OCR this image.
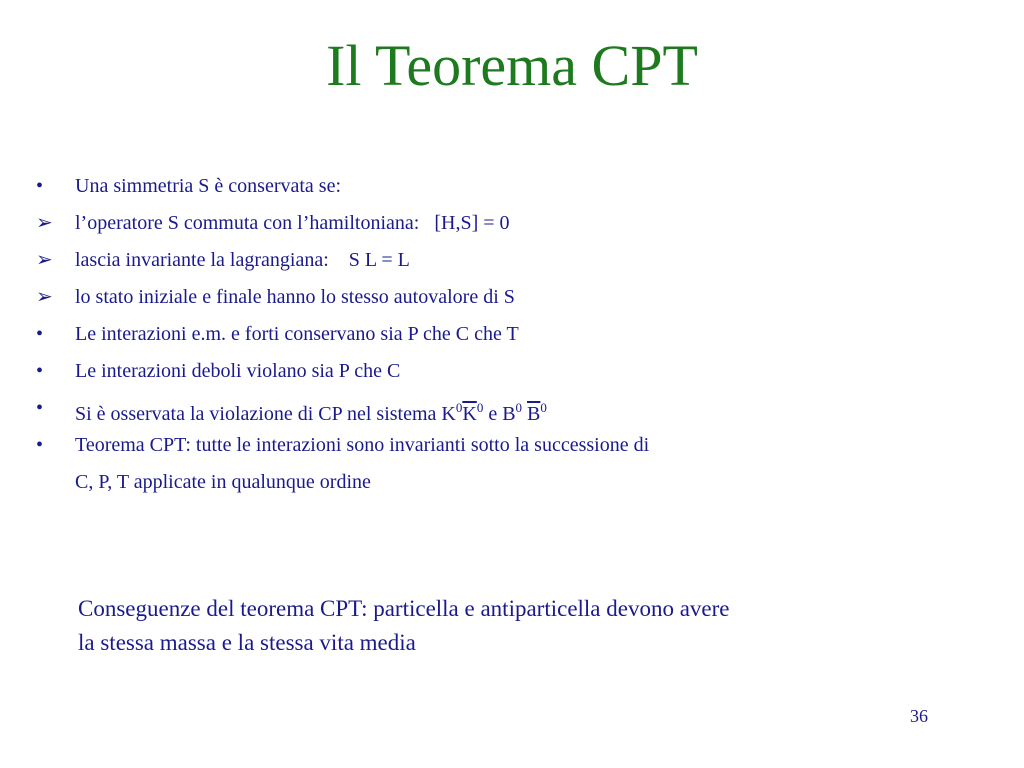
Il Teorema CPT
•	Una simmetria S è conservata se:
➢	l’operatore S commuta con l’hamiltoniana:   [H,S] = 0
➢	lascia invariante la lagrangiana:    S L = L
➢	lo stato iniziale e finale hanno lo stesso autovalore di S
•	Le interazioni e.m. e forti conservano sia P che C che T
•	Le interazioni deboli violano sia P che C
•	Si è osservata la violazione di CP nel sistema $K^0\overline{K}^0$ e $B^0$ $\overline{B}^0$
•	Teorema CPT: tutte le interazioni sono invarianti sotto la successione di
C, P, T applicate in qualunque ordine
Conseguenze del teorema CPT: particella e antiparticella devono avere
la stessa massa e la stessa vita media
36
